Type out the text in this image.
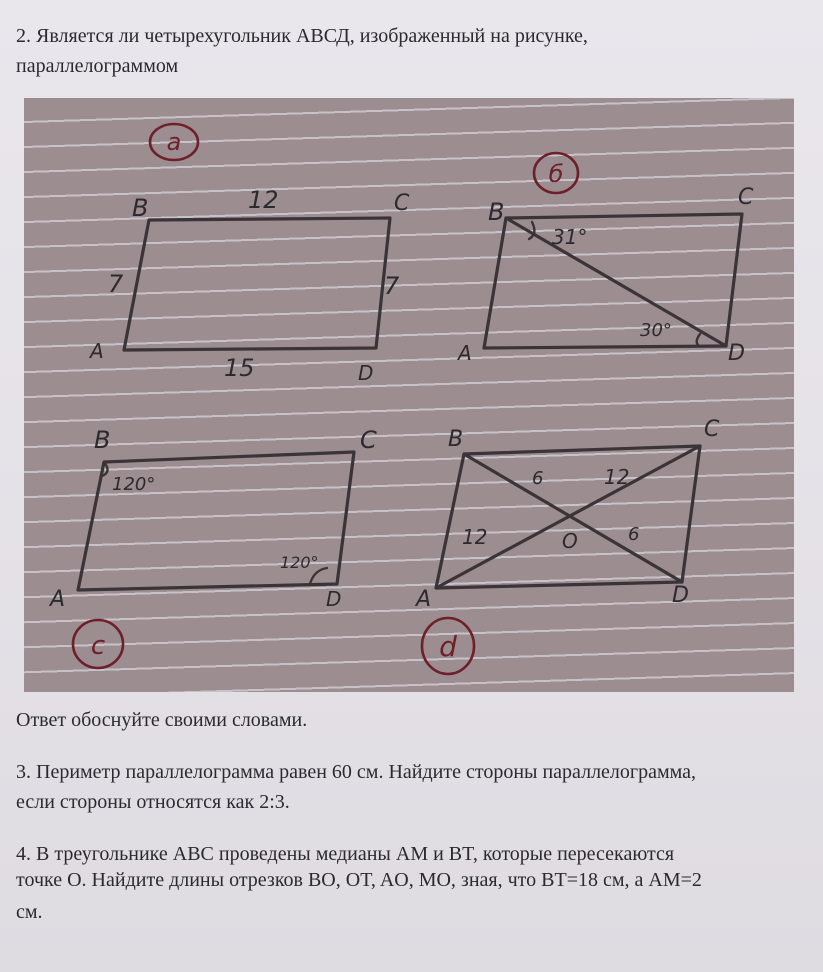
2. Является ли четырехугольник АВСД, изображенный на рисунке,
параллелограммом
a
B	C
A
D
12
7	7
15
б
B
C
A	D
31°
30°
c
B	C
A	D
120°
120°
d
B	C
A	D
O
6	12
12	6
Ответ обоснуйте своими словами.
3. Периметр параллелограмма равен 60 см. Найдите стороны параллелограмма,
если стороны относятся как 2:3.
4. В треугольнике ABC проведены медианы AM и BT, которые пересекаются
точке O. Найдите длины отрезков BO, OT, AO, MO, зная, что BT=18 см, а AM=2
см.
